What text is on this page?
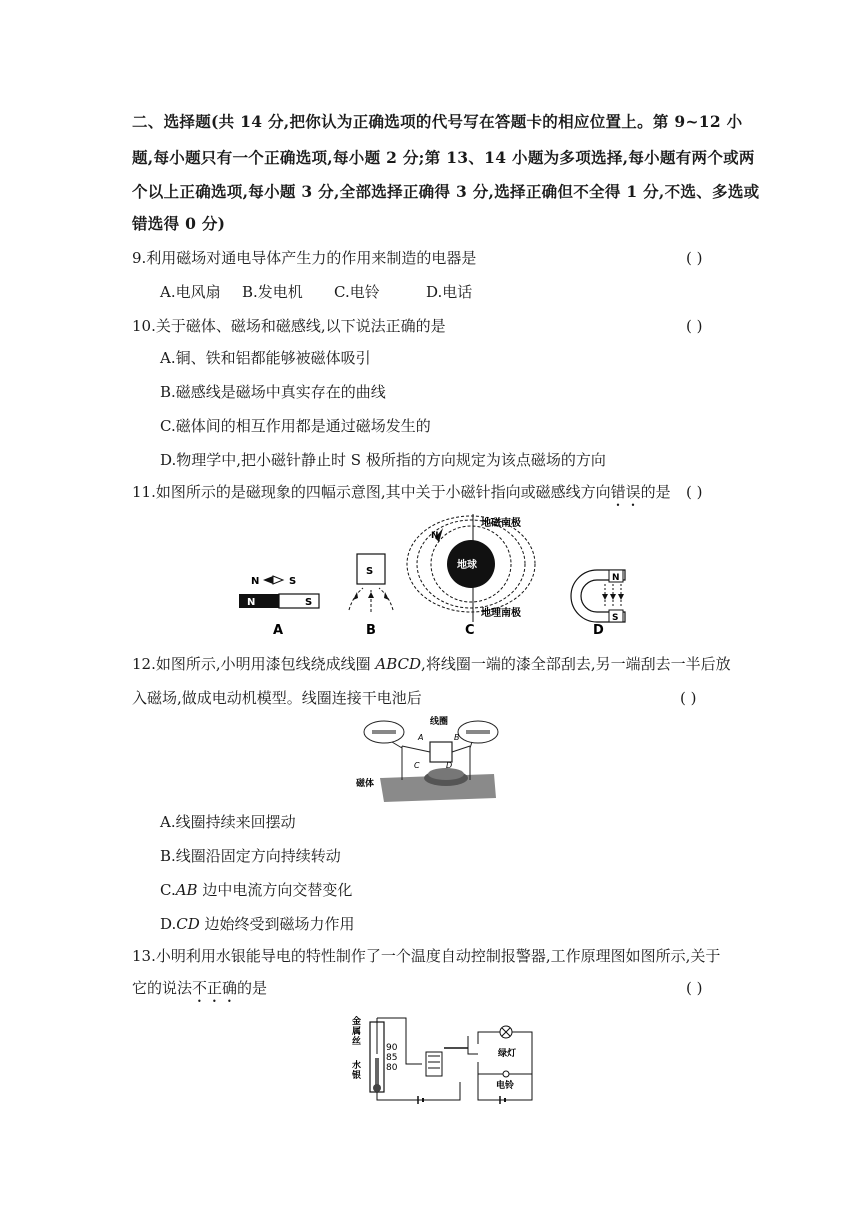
二、选择题(共 14 分,把你认为正确选项的代号写在答题卡的相应位置上。第 9~12 小
题,每小题只有一个正确选项,每小题 2 分;第 13、14 小题为多项选择,每小题有两个或两
个以上正确选项,每小题 3 分,全部选择正确得 3 分,选择正确但不全得 1 分,不选、多选或
错选得 0 分)
9.利用磁场对通电导体产生力的作用来制造的电器是	( )
A.电风扇 B.发电机 C.电铃	D.电话
10.关于磁体、磁场和磁感线,以下说法正确的是	( )
A.铜、铁和铝都能够被磁体吸引
B.磁感线是磁场中真实存在的曲线
C.磁体间的相互作用都是通过磁场发生的
D.物理学中,把小磁针静止时 S 极所指的方向规定为该点磁场的方向
11.如图所示的是磁现象的四幅示意图,其中关于小磁针指向或磁感线方向错误的是	( )
N	S
N	S
A
S
B
地球
N
地磁南极
地理南极
C
N
S
D
12.如图所示,小明用漆包线绕成线圈 ABCD,将线圈一端的漆全部刮去,另一端刮去一半后放
入磁场,做成电动机模型。线圈连接干电池后	( )
线圈
A	B
C	D
磁体
A.线圈持续来回摆动
B.线圈沿固定方向持续转动
C.AB 边中电流方向交替变化
D.CD 边始终受到磁场力作用
13.小明利用水银能导电的特性制作了一个温度自动控制报警器,工作原理图如图所示,关于
它的说法不正确的是	( )
90
85
80
金
属
丝
水
银
绿灯
电铃
